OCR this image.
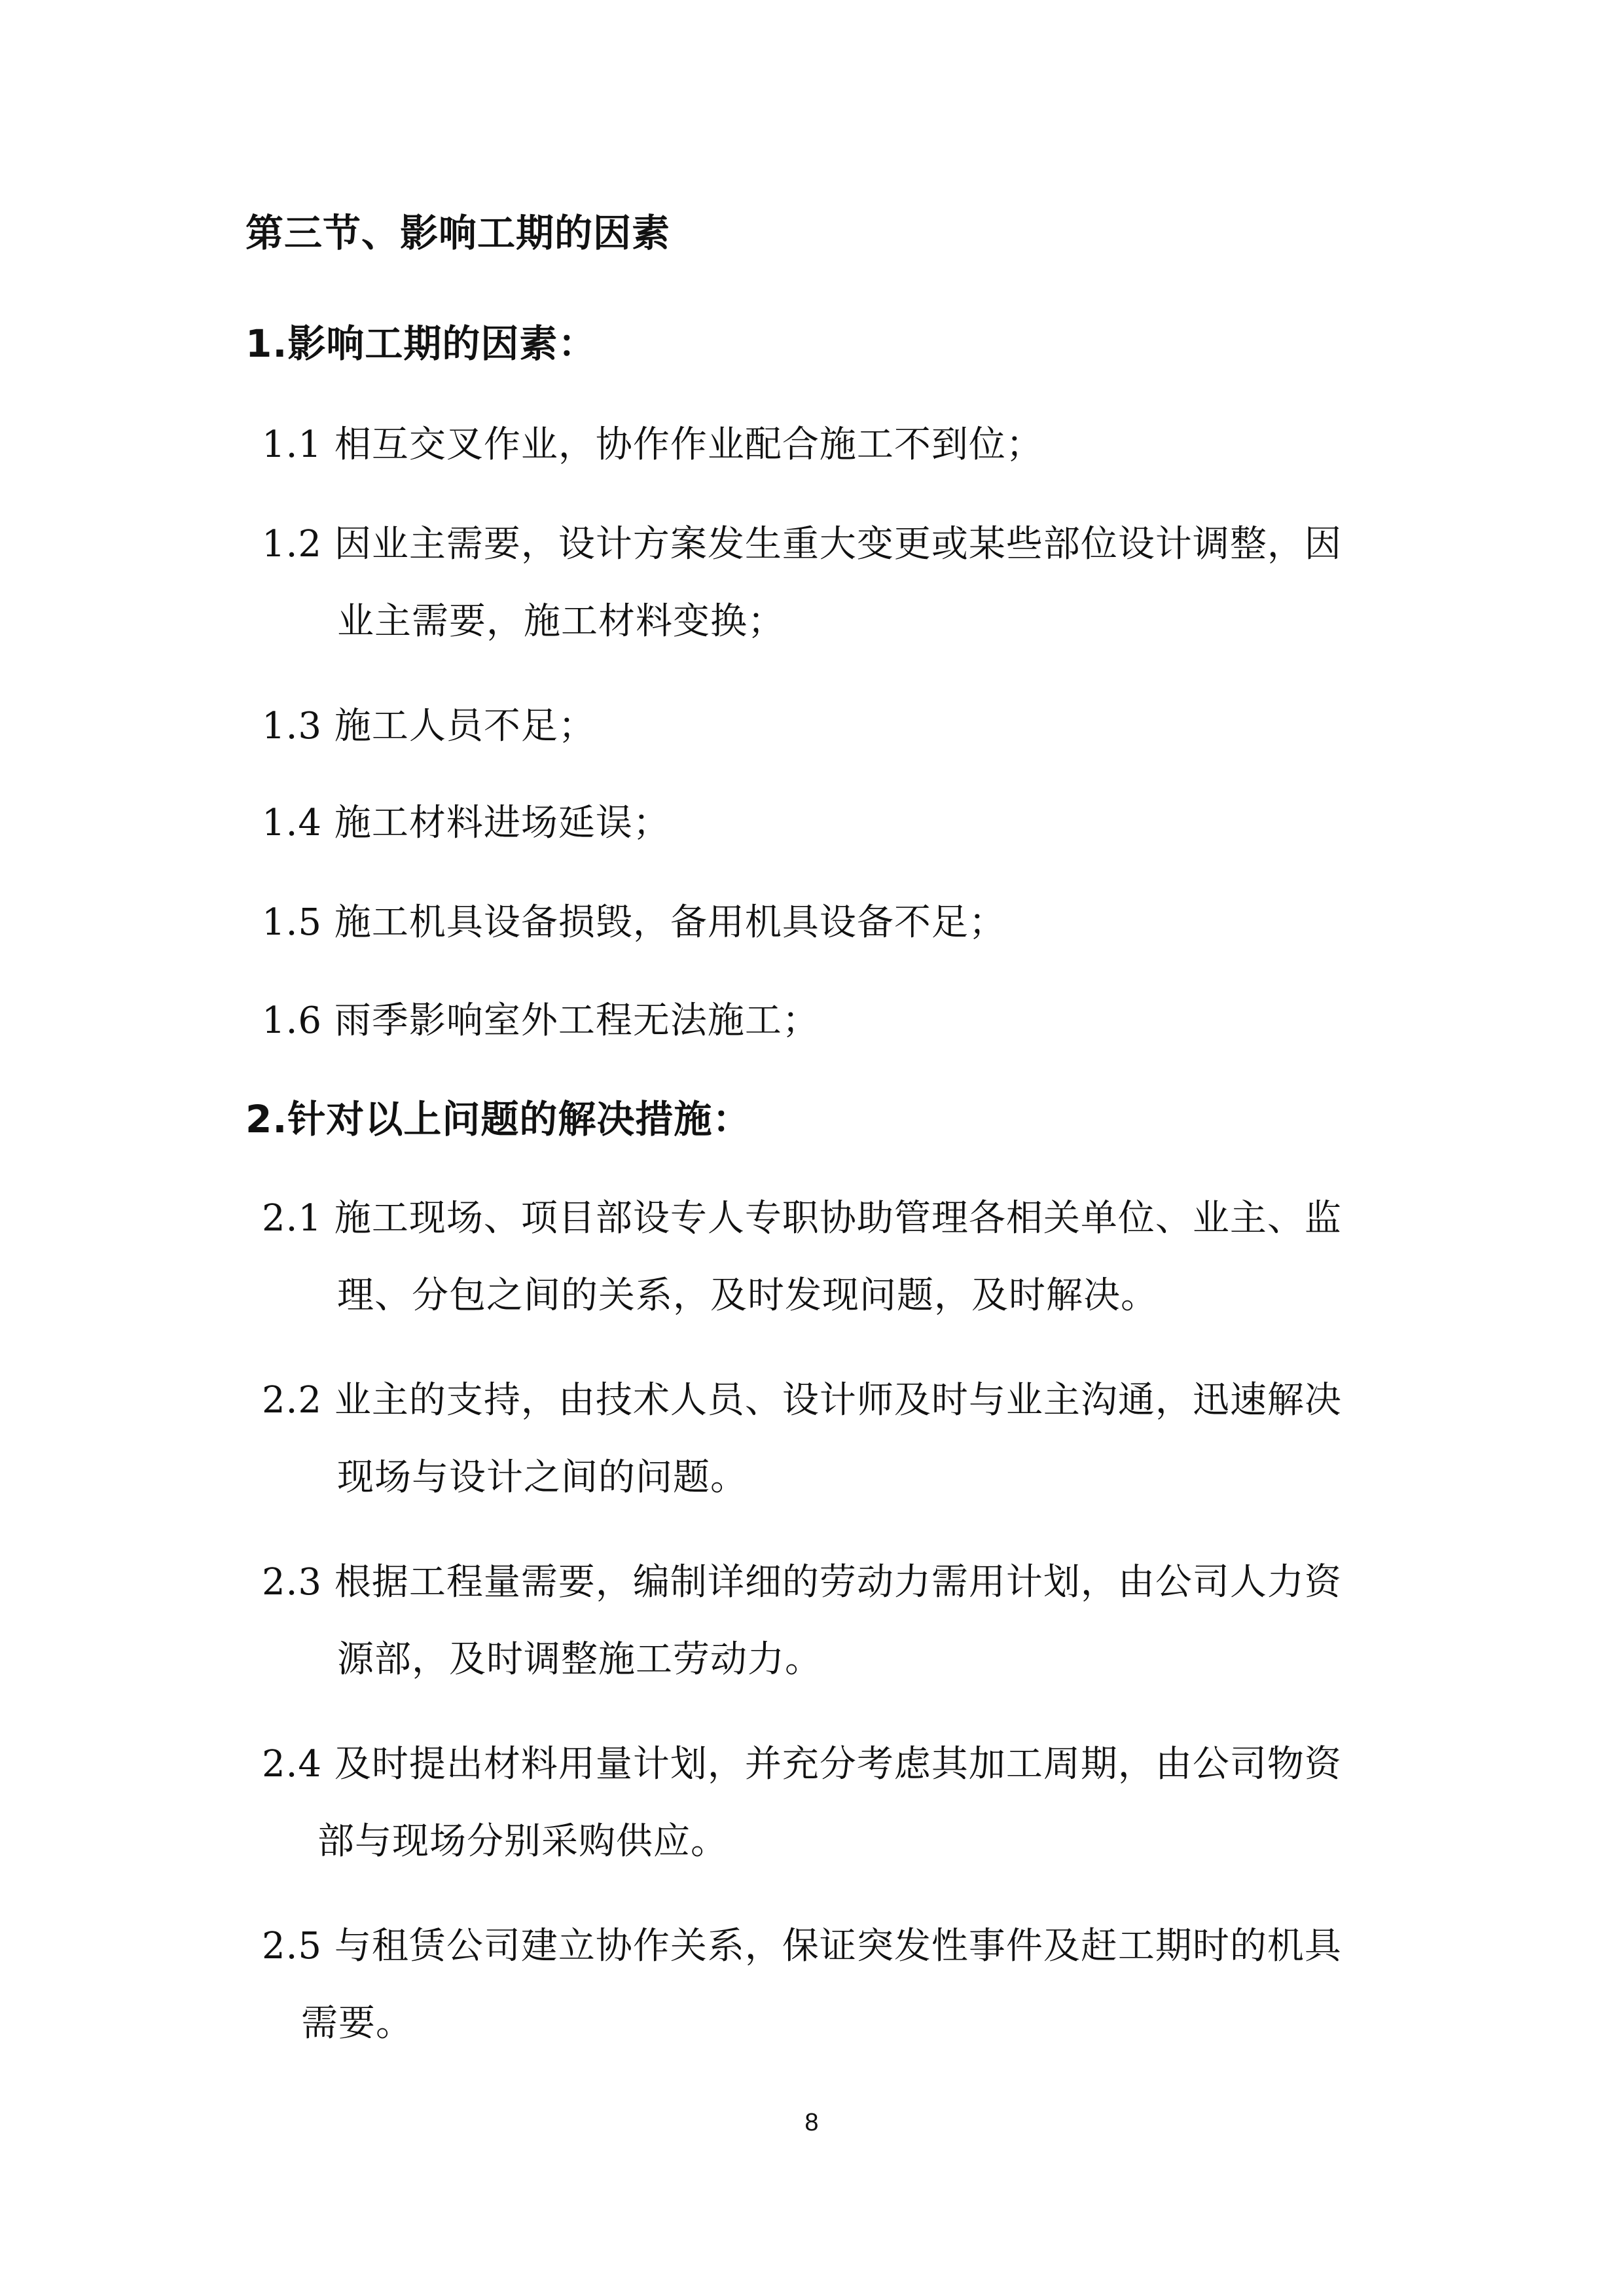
第三节、影响工期的因素
1.影响工期的因素：
1.1 相互交叉作业，协作作业配合施工不到位；
1.2 因业主需要，设计方案发生重大变更或某些部位设计调整，因
业主需要，施工材料变换；
1.3 施工人员不足；
1.4 施工材料进场延误；
1.5 施工机具设备损毁，备用机具设备不足；
1.6 雨季影响室外工程无法施工；
2.针对以上问题的解决措施：
2.1 施工现场、项目部设专人专职协助管理各相关单位、业主、监
理、分包之间的关系，及时发现问题，及时解决。
2.2 业主的支持，由技术人员、设计师及时与业主沟通，迅速解决
现场与设计之间的问题。
2.3 根据工程量需要，编制详细的劳动力需用计划，由公司人力资
源部，及时调整施工劳动力。
2.4 及时提出材料用量计划，并充分考虑其加工周期，由公司物资
部与现场分别采购供应。
2.5 与租赁公司建立协作关系，保证突发性事件及赶工期时的机具
需要。
8
